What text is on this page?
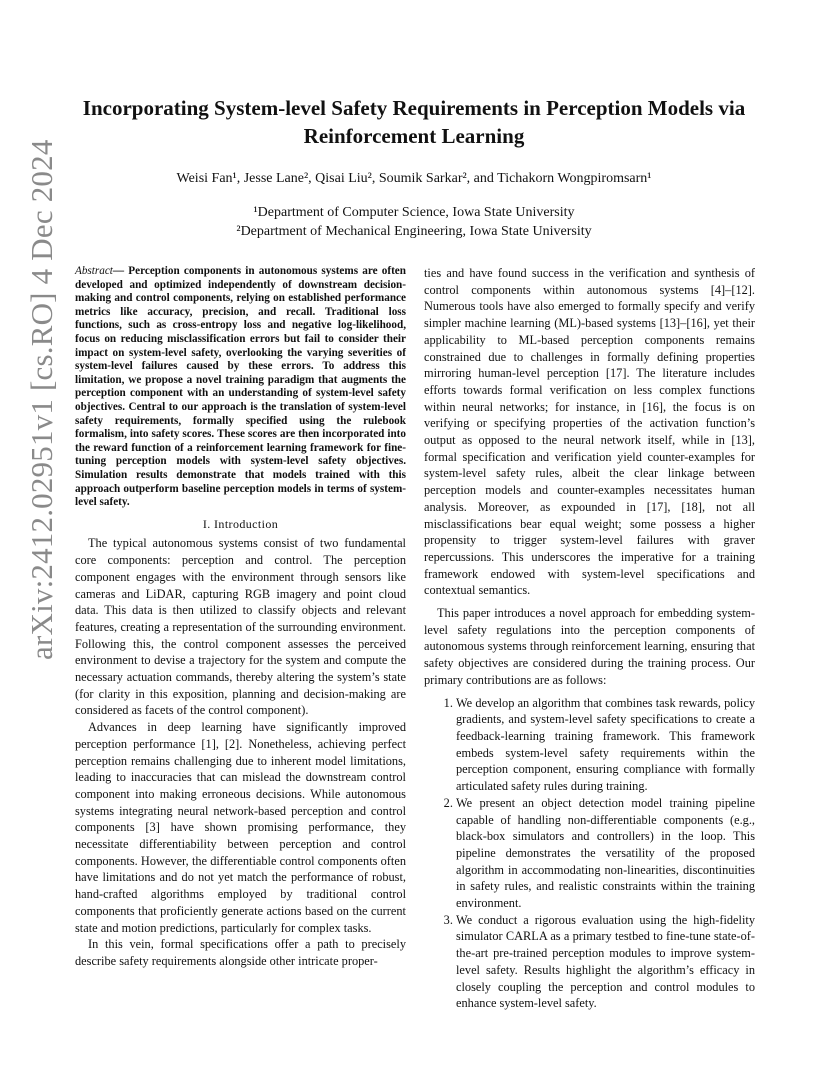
arXiv:2412.02951v1 [cs.RO] 4 Dec 2024
Incorporating System-level Safety Requirements in Perception Models via Reinforcement Learning
Weisi Fan¹, Jesse Lane², Qisai Liu², Soumik Sarkar², and Tichakorn Wongpiromsarn¹
¹Department of Computer Science, Iowa State University
²Department of Mechanical Engineering, Iowa State University
Abstract— Perception components in autonomous systems are often developed and optimized independently of downstream decision-making and control components, relying on established performance metrics like accuracy, precision, and recall. Traditional loss functions, such as cross-entropy loss and negative log-likelihood, focus on reducing misclassification errors but fail to consider their impact on system-level safety, overlooking the varying severities of system-level failures caused by these errors. To address this limitation, we propose a novel training paradigm that augments the perception component with an understanding of system-level safety objectives. Central to our approach is the translation of system-level safety requirements, formally specified using the rulebook formalism, into safety scores. These scores are then incorporated into the reward function of a reinforcement learning framework for fine-tuning perception models with system-level safety objectives. Simulation results demonstrate that models trained with this approach outperform baseline perception models in terms of system-level safety.
I. Introduction

The typical autonomous systems consist of two fundamental core components: perception and control. The perception component engages with the environment through sensors like cameras and LiDAR, capturing RGB imagery and point cloud data. This data is then utilized to classify objects and relevant features, creating a representation of the surrounding environment. Following this, the control component assesses the perceived environment to devise a trajectory for the system and compute the necessary actuation commands, thereby altering the system’s state (for clarity in this exposition, planning and decision-making are considered as facets of the control component).

Advances in deep learning have significantly improved perception performance [1], [2]. Nonetheless, achieving perfect perception remains challenging due to inherent model limitations, leading to inaccuracies that can mislead the downstream control component into making erroneous decisions. While autonomous systems integrating neural network-based perception and control components [3] have shown promising performance, they necessitate differentiability between perception and control components. However, the differentiable control components often have limitations and do not yet match the performance of robust, hand-crafted algorithms employed by traditional control components that proficiently generate actions based on the current state and motion predictions, particularly for complex tasks.

In this vein, formal specifications offer a path to precisely describe safety requirements alongside other intricate proper-

ties and have found success in the verification and synthesis of control components within autonomous systems [4]–[12]. Numerous tools have also emerged to formally specify and verify simpler machine learning (ML)-based systems [13]–[16], yet their applicability to ML-based perception components remains constrained due to challenges in formally defining properties mirroring human-level perception [17]. The literature includes efforts towards formal verification on less complex functions within neural networks; for instance, in [16], the focus is on verifying or specifying properties of the activation function’s output as opposed to the neural network itself, while in [13], formal specification and verification yield counter-examples for system-level safety rules, albeit the clear linkage between perception models and counter-examples necessitates human analysis. Moreover, as expounded in [17], [18], not all misclassifications bear equal weight; some possess a higher propensity to trigger system-level failures with graver repercussions. This underscores the imperative for a training framework endowed with system-level specifications and contextual semantics.

This paper introduces a novel approach for embedding system-level safety regulations into the perception components of autonomous systems through reinforcement learning, ensuring that safety objectives are considered during the training process. Our primary contributions are as follows:

1. We develop an algorithm that combines task rewards, policy gradients, and system-level safety specifications to create a feedback-learning training framework. This framework embeds system-level safety requirements within the perception component, ensuring compliance with formally articulated safety rules during training.
2. We present an object detection model training pipeline capable of handling non-differentiable components (e.g., black-box simulators and controllers) in the loop. This pipeline demonstrates the versatility of the proposed algorithm in accommodating non-linearities, discontinuities in safety rules, and realistic constraints within the training environment.
3. We conduct a rigorous evaluation using the high-fidelity simulator CARLA as a primary testbed to fine-tune state-of-the-art pre-trained perception modules to improve system-level safety. Results highlight the algorithm’s efficacy in closely coupling the perception and control modules to enhance system-level safety.
